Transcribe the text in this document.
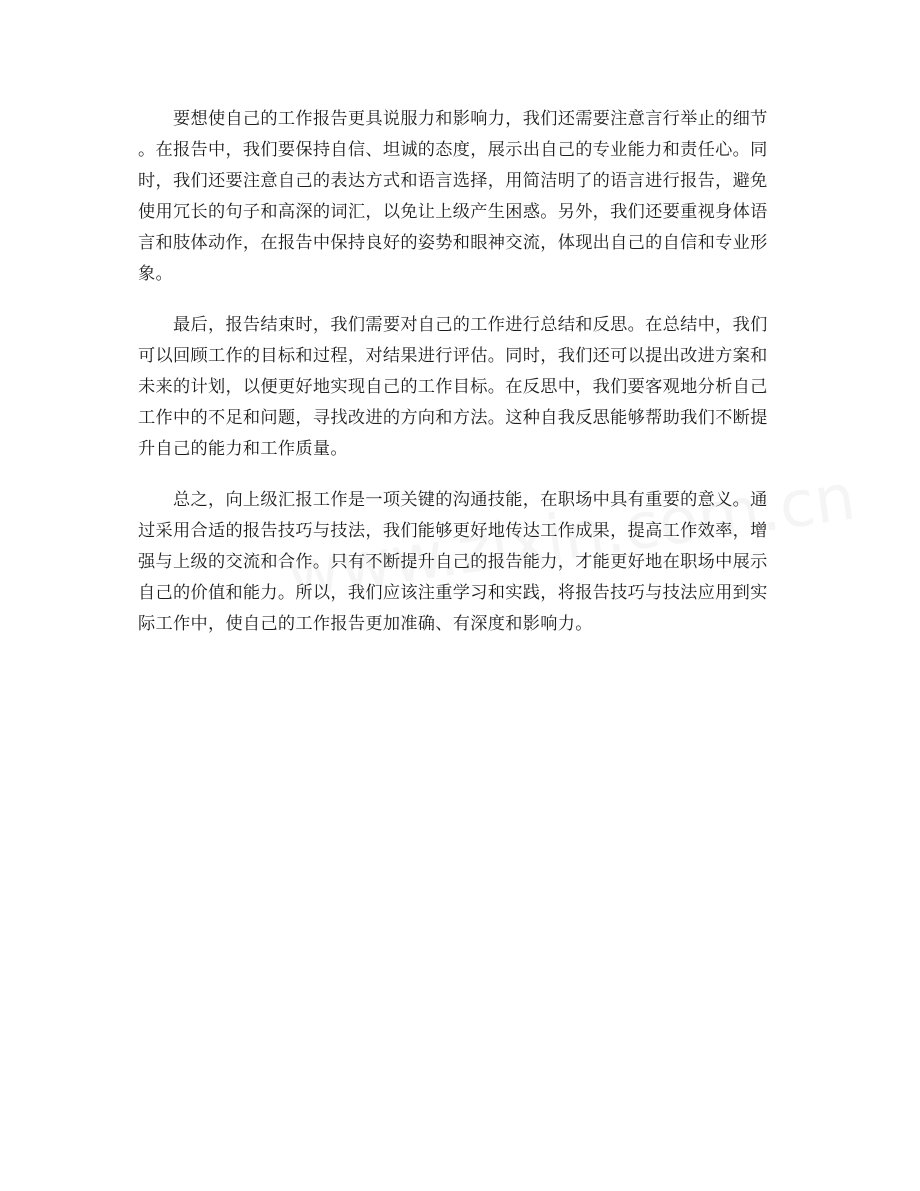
　　要想使自己的工作报告更具说服力和影响力，我们还需要注意言行举止的细节
。在报告中，我们要保持自信、坦诚的态度，展示出自己的专业能力和责任心。同
时，我们还要注意自己的表达方式和语言选择，用简洁明了的语言进行报告，避免
使用冗长的句子和高深的词汇，以免让上级产生困惑。另外，我们还要重视身体语
言和肢体动作，在报告中保持良好的姿势和眼神交流，体现出自己的自信和专业形
象。

　　最后，报告结束时，我们需要对自己的工作进行总结和反思。在总结中，我们
可以回顾工作的目标和过程，对结果进行评估。同时，我们还可以提出改进方案和
未来的计划，以便更好地实现自己的工作目标。在反思中，我们要客观地分析自己
工作中的不足和问题，寻找改进的方向和方法。这种自我反思能够帮助我们不断提
升自己的能力和工作质量。

　　总之，向上级汇报工作是一项关键的沟通技能，在职场中具有重要的意义。通
过采用合适的报告技巧与技法，我们能够更好地传达工作成果，提高工作效率，增
强与上级的交流和合作。只有不断提升自己的报告能力，才能更好地在职场中展示
自己的价值和能力。所以，我们应该注重学习和实践，将报告技巧与技法应用到实
际工作中，使自己的工作报告更加准确、有深度和影响力。
